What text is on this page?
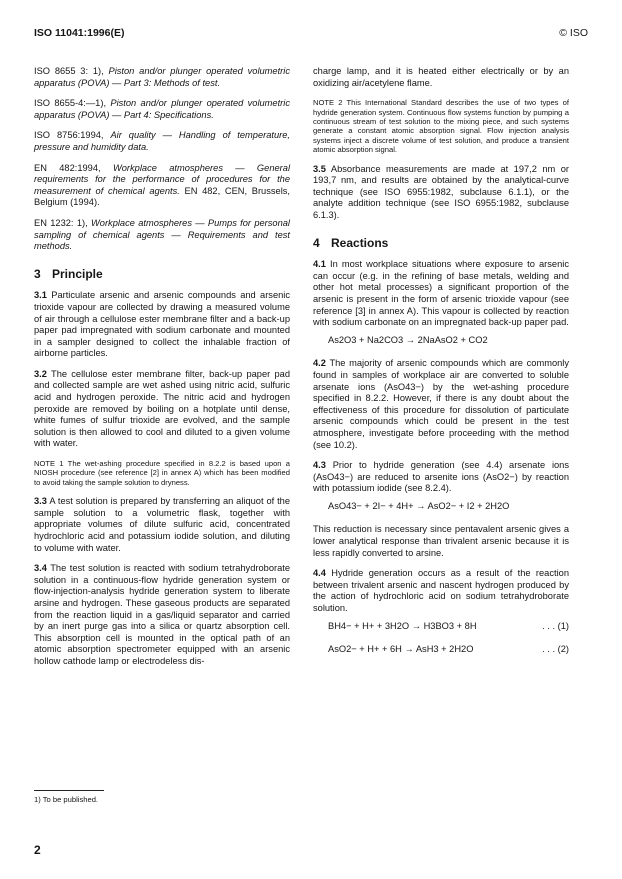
ISO 11041:1996(E)	© ISO

ISO 8655 3: 1), Piston and/or plunger operated volumetric apparatus (POVA) — Part 3: Methods of test.

ISO 8655-4:—1), Piston and/or plunger operated volumetric apparatus (POVA) — Part 4: Specifications.

ISO 8756:1994, Air quality — Handling of temperature, pressure and humidity data.

EN 482:1994, Workplace atmospheres — General requirements for the performance of procedures for the measurement of chemical agents. EN 482, CEN, Brussels, Belgium (1994).

EN 1232: 1), Workplace atmospheres — Pumps for personal sampling of chemical agents — Requirements and test methods.

3 Principle

3.1 Particulate arsenic and arsenic compounds and arsenic trioxide vapour are collected by drawing a measured volume of air through a cellulose ester membrane filter and a back-up paper pad impregnated with sodium carbonate and mounted in a sampler designed to collect the inhalable fraction of airborne particles.

3.2 The cellulose ester membrane filter, back-up paper pad and collected sample are wet ashed using nitric acid, sulfuric acid and hydrogen peroxide. The nitric acid and hydrogen peroxide are removed by boiling on a hotplate until dense, white fumes of sulfur trioxide are evolved, and the sample solution is then allowed to cool and diluted to a given volume with water.

NOTE 1 The wet-ashing procedure specified in 8.2.2 is based upon a NIOSH procedure (see reference [2] in annex A) which has been modified to avoid taking the sample solution to dryness.

3.3 A test solution is prepared by transferring an aliquot of the sample solution to a volumetric flask, together with appropriate volumes of dilute sulfuric acid, concentrated hydrochloric acid and potassium iodide solution, and diluting to volume with water.

3.4 The test solution is reacted with sodium tetrahydroborate solution in a continuous-flow hydride generation system or flow-injection-analysis hydride generation system to liberate arsine and hydrogen. These gaseous products are separated from the reaction liquid in a gas/liquid separator and carried by an inert purge gas into a silica or quartz absorption cell. This absorption cell is mounted in the optical path of an atomic absorption spectrometer equipped with an arsenic hollow cathode lamp or electrodeless dis-

charge lamp, and it is heated either electrically or by an oxidizing air/acetylene flame.

NOTE 2 This International Standard describes the use of two types of hydride generation system. Continuous flow systems function by pumping a continuous stream of test solution to the mixing piece, and such systems generate a constant atomic absorption signal. Flow injection analysis systems inject a discrete volume of test solution, and produce a transient atomic absorption signal.

3.5 Absorbance measurements are made at 197,2 nm or 193,7 nm, and results are obtained by the analytical-curve technique (see ISO 6955:1982, subclause 6.1.1), or the analyte addition technique (see ISO 6955:1982, subclause 6.1.3).

4 Reactions

4.1 In most workplace situations where exposure to arsenic can occur (e.g. in the refining of base metals, welding and other hot metal processes) a significant proportion of the arsenic is present in the form of arsenic trioxide vapour (see reference [3] in annex A). This vapour is collected by reaction with sodium carbonate on an impregnated back-up paper pad.

As2O3 + Na2CO3 → 2NaAsO2 + CO2

4.2 The majority of arsenic compounds which are commonly found in samples of workplace air are converted to soluble arsenate ions (AsO43−) by the wet-ashing procedure specified in 8.2.2. However, if there is any doubt about the effectiveness of this procedure for dissolution of particulate arsenic compounds which could be present in the test atmosphere, investigate before proceeding with the method (see 10.2).

4.3 Prior to hydride generation (see 4.4) arsenate ions (AsO43−) are reduced to arsenite ions (AsO2−) by reaction with potassium iodide (see 8.2.4).

AsO43− + 2I− + 4H+ → AsO2− + I2 + 2H2O

This reduction is necessary since pentavalent arsenic gives a lower analytical response than trivalent arsenic because it is less rapidly converted to arsine.

4.4 Hydride generation occurs as a result of the reaction between trivalent arsenic and nascent hydrogen produced by the action of hydrochloric acid on sodium tetrahydroborate solution.

BH4− + H+ + 3H2O → H3BO3 + 8H	. . . (1)
AsO2− + H+ + 6H → AsH3 + 2H2O	. . . (2)
1) To be published.
2
